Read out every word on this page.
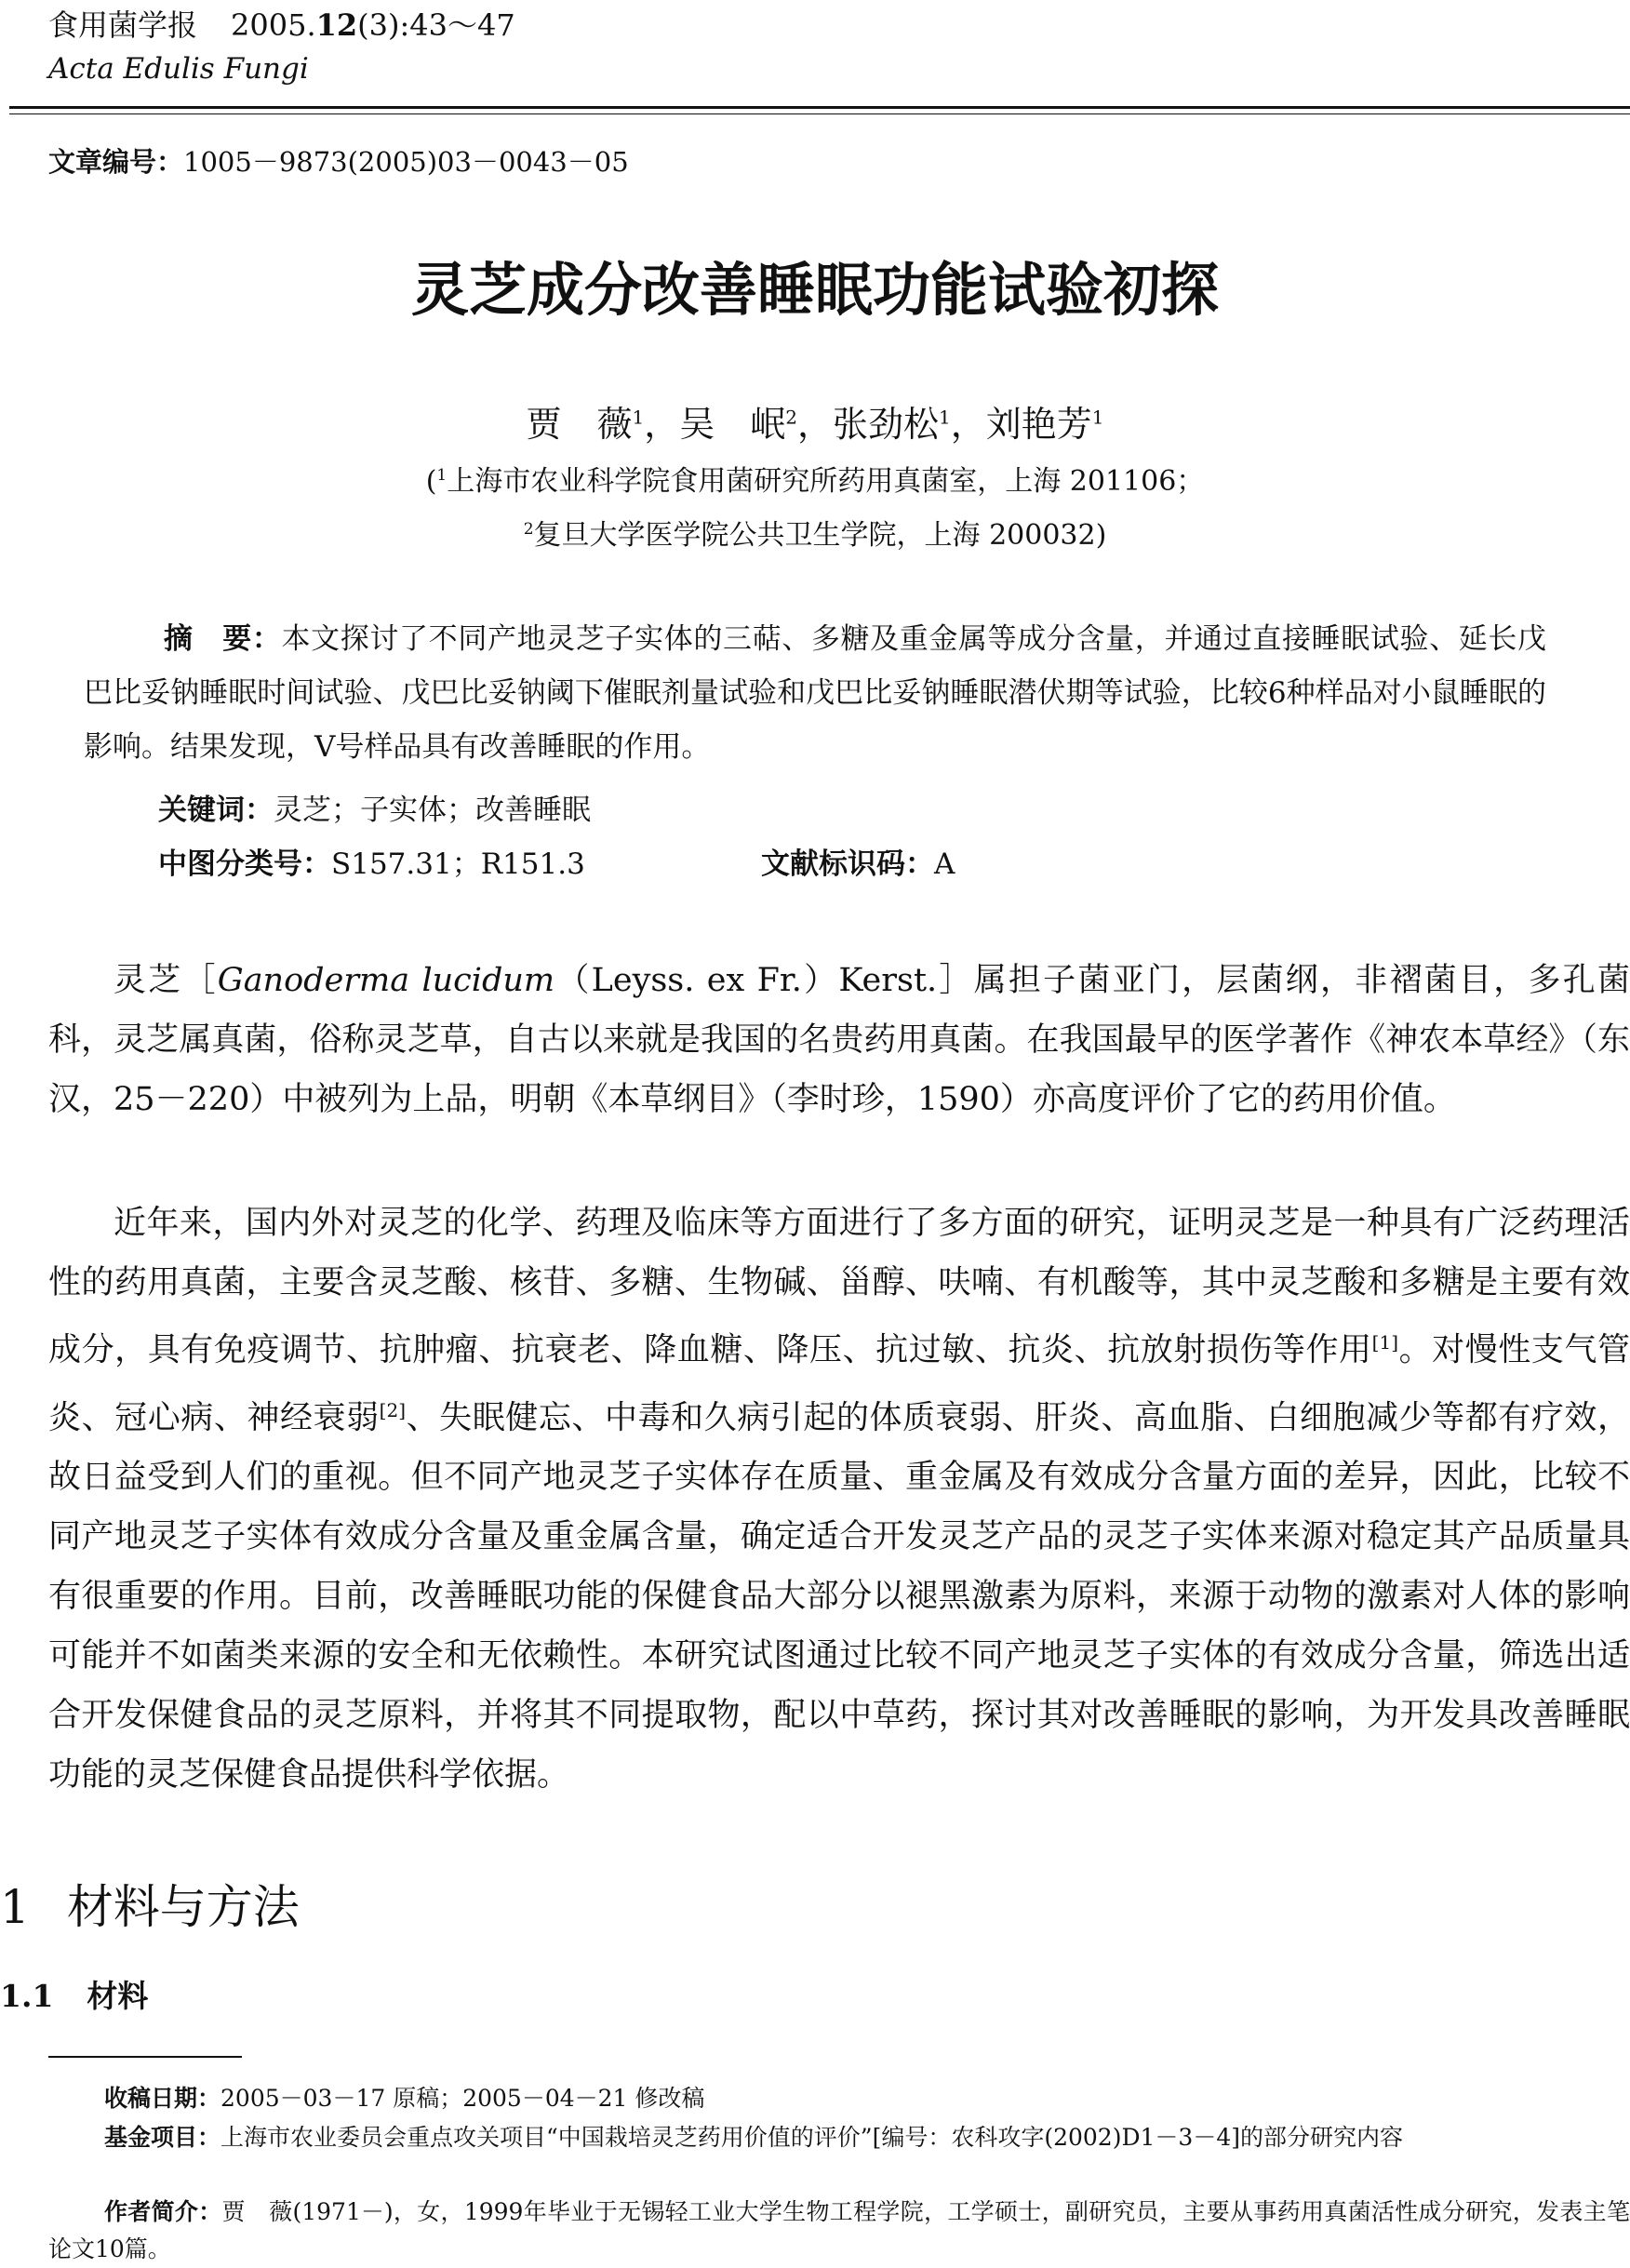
食用菌学报 2005.12(3):43～47
Acta Edulis Fungi
文章编号：1005－9873(2005)03－0043－05
灵芝成分改善睡眠功能试验初探
贾　薇$^1$，吴　岷$^2$，张劲松$^1$，刘艳芳$^1$
($^1$上海市农业科学院食用菌研究所药用真菌室，上海 201106；
$^2$复旦大学医学院公共卫生学院，上海 200032)
摘　要：本文探讨了不同产地灵芝子实体的三萜、多糖及重金属等成分含量，并通过直接睡眠试验、延长戊巴比妥钠睡眠时间试验、戊巴比妥钠阈下催眠剂量试验和戊巴比妥钠睡眠潜伏期等试验，比较6种样品对小鼠睡眠的影响。结果发现，V号样品具有改善睡眠的作用。
关键词：灵芝；子实体；改善睡眠
中图分类号：S157.31；R151.3	文献标识码：A
灵芝［Ganoderma lucidum（Leyss. ex Fr.）Kerst.］属担子菌亚门，层菌纲，非褶菌目，多孔菌科，灵芝属真菌，俗称灵芝草，自古以来就是我国的名贵药用真菌。在我国最早的医学著作《神农本草经》（东汉，25－220）中被列为上品，明朝《本草纲目》（李时珍，1590）亦高度评价了它的药用价值。
近年来，国内外对灵芝的化学、药理及临床等方面进行了多方面的研究，证明灵芝是一种具有广泛药理活性的药用真菌，主要含灵芝酸、核苷、多糖、生物碱、甾醇、呋喃、有机酸等，其中灵芝酸和多糖是主要有效成分，具有免疫调节、抗肿瘤、抗衰老、降血糖、降压、抗过敏、抗炎、抗放射损伤等作用[1]。对慢性支气管炎、冠心病、神经衰弱[2]、失眠健忘、中毒和久病引起的体质衰弱、肝炎、高血脂、白细胞减少等都有疗效，故日益受到人们的重视。但不同产地灵芝子实体存在质量、重金属及有效成分含量方面的差异，因此，比较不同产地灵芝子实体有效成分含量及重金属含量，确定适合开发灵芝产品的灵芝子实体来源对稳定其产品质量具有很重要的作用。目前，改善睡眠功能的保健食品大部分以褪黑激素为原料，来源于动物的激素对人体的影响可能并不如菌类来源的安全和无依赖性。本研究试图通过比较不同产地灵芝子实体的有效成分含量，筛选出适合开发保健食品的灵芝原料，并将其不同提取物，配以中草药，探讨其对改善睡眠的影响，为开发具改善睡眠功能的灵芝保健食品提供科学依据。
1 材料与方法
1.1 材料
收稿日期：2005－03－17 原稿；2005－04－21 修改稿
基金项目：上海市农业委员会重点攻关项目“中国栽培灵芝药用价值的评价”[编号：农科攻字(2002)D1－3－4]的部分研究内容
作者简介：贾　薇(1971－)，女，1999年毕业于无锡轻工业大学生物工程学院，工学硕士，副研究员，主要从事药用真菌活性成分研究，发表主笔论文10篇。
